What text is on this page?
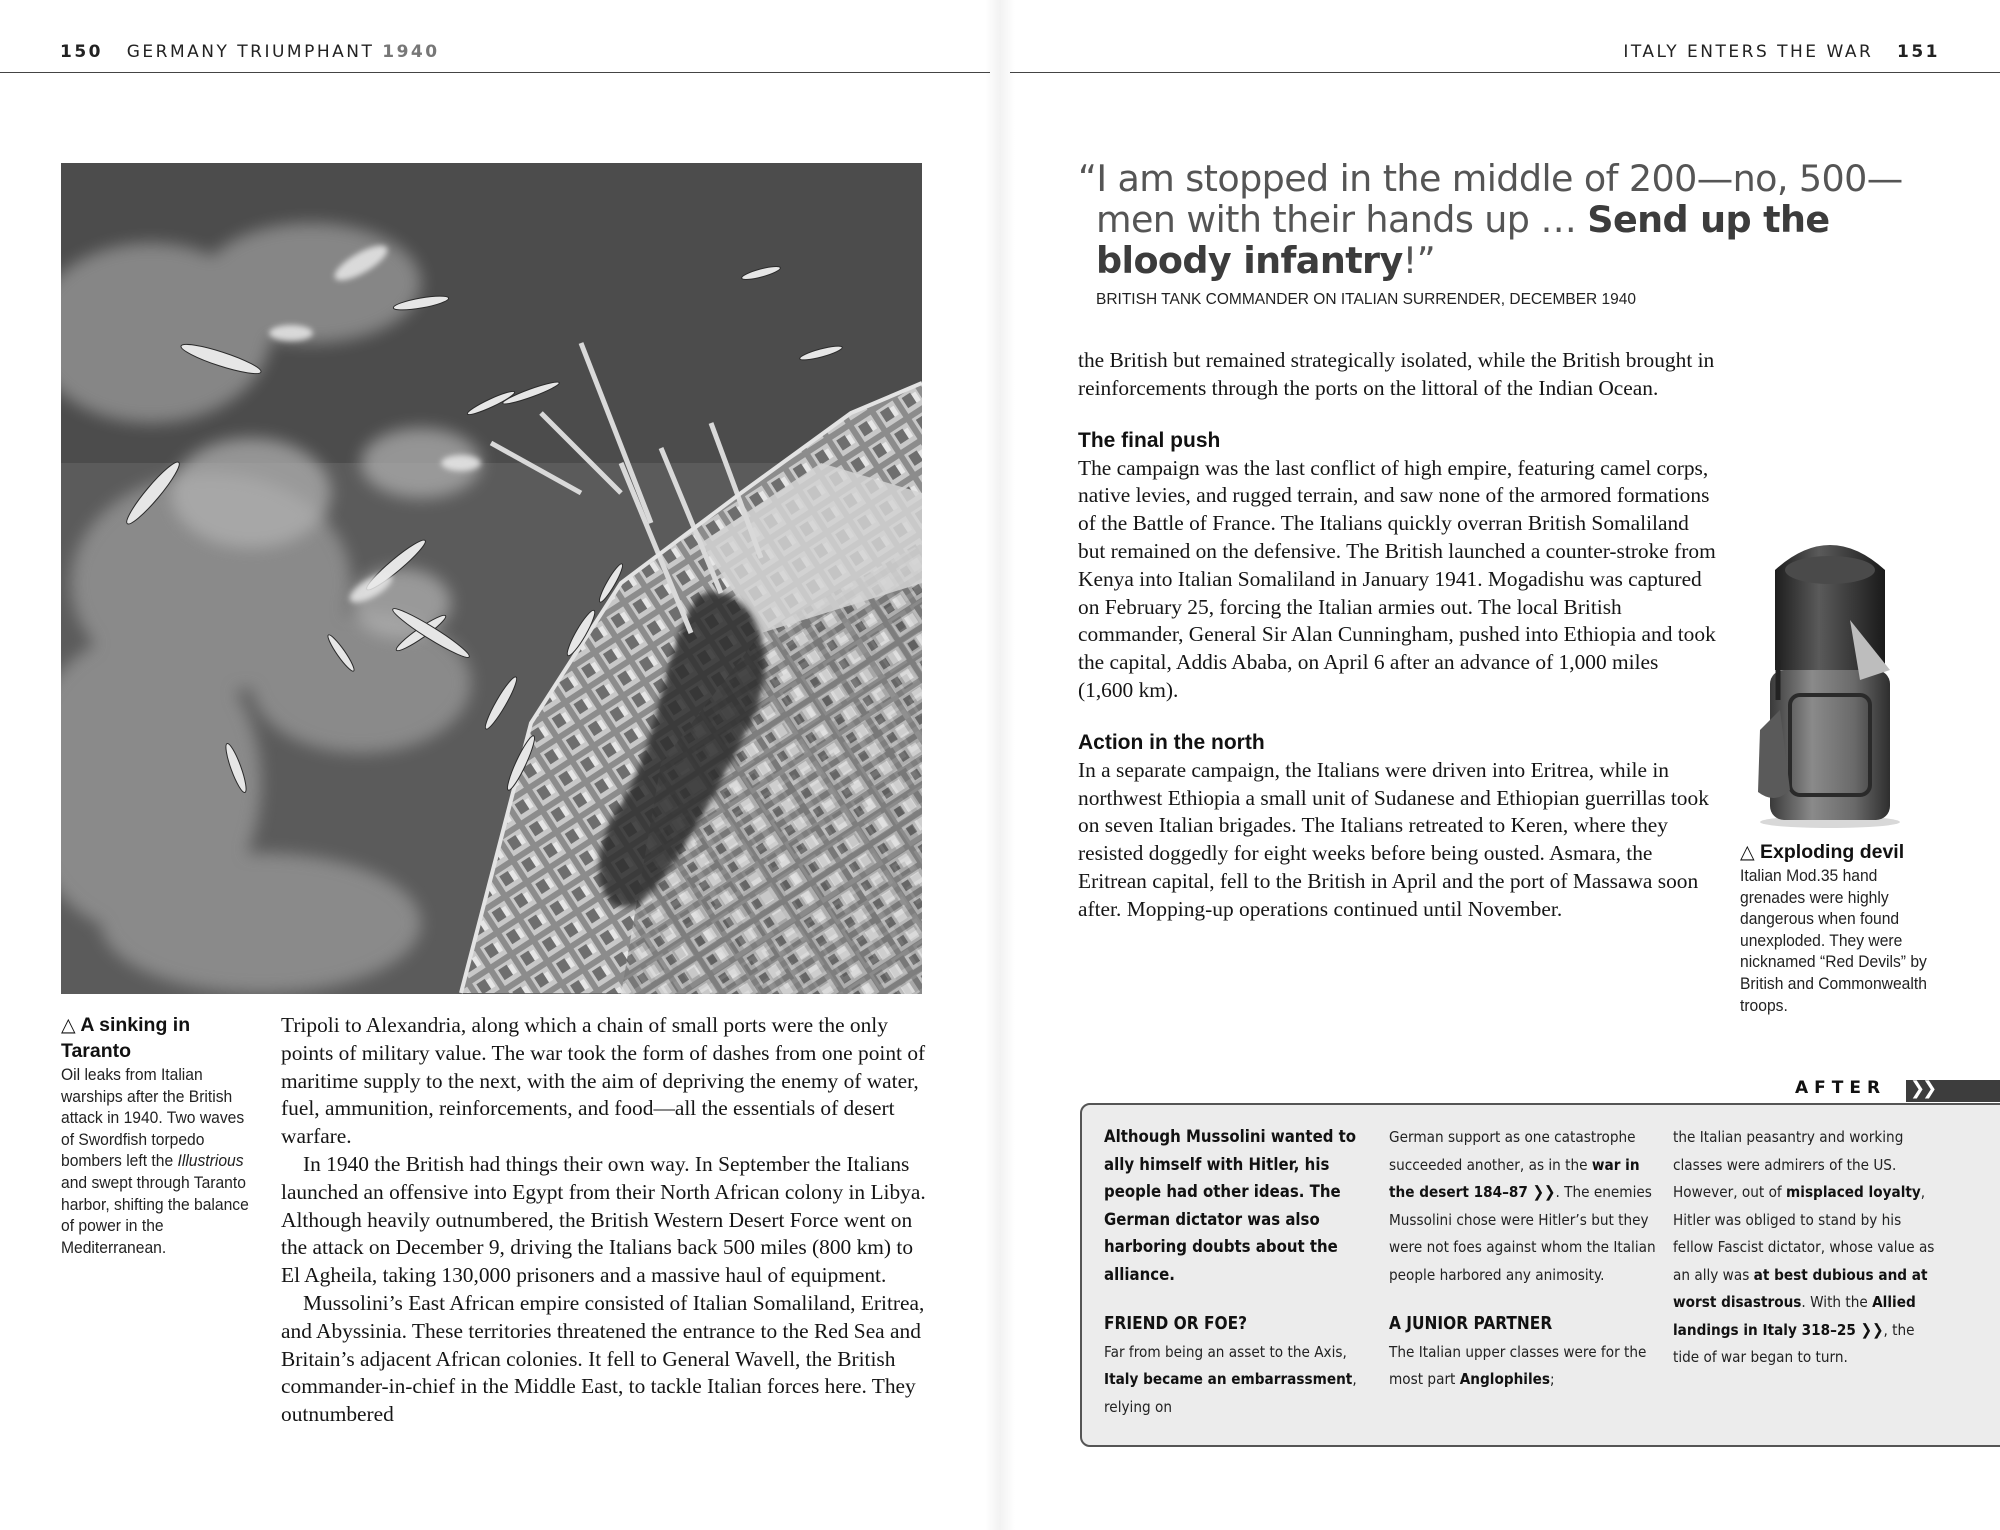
150 GERMANY TRIUMPHANT 1940	ITALY ENTERS THE WAR 151
△ A sinking in Taranto
Oil leaks from Italian warships after the British attack in 1940. Two waves of Swordfish torpedo bombers left the Illustrious and swept through Taranto harbor, shifting the balance of power in the Mediterranean.

Tripoli to Alexandria, along which a chain of small ports were the only points of military value. The war took the form of dashes from one point of maritime supply to the next, with the aim of depriving the enemy of water, fuel, ammunition, reinforcements, and food—all the essentials of desert warfare.

In 1940 the British had things their own way. In September the Italians launched an offensive into Egypt from their North African colony in Libya. Although heavily outnumbered, the British Western Desert Force went on the attack on December 9, driving the Italians back 500 miles (800 km) to El Agheila, taking 130,000 prisoners and a massive haul of equipment.

Mussolini’s East African empire consisted of Italian Somaliland, Eritrea, and Abyssinia. These territories threatened the entrance to the Red Sea and Britain’s adjacent African colonies. It fell to General Wavell, the British commander-in-chief in the Middle East, to tackle Italian forces here. They outnumbered

“I am stopped in the middle of 200—no, 500—men with their hands up … Send up the bloody infantry!”
BRITISH TANK COMMANDER ON ITALIAN SURRENDER, DECEMBER 1940

the British but remained strategically isolated, while the British brought in reinforcements through the ports on the littoral of the Indian Ocean.

The final push

The campaign was the last conflict of high empire, featuring camel corps, native levies, and rugged terrain, and saw none of the armored formations of the Battle of France. The Italians quickly overran British Somaliland but remained on the defensive. The British launched a counter-stroke from Kenya into Italian Somaliland in January 1941. Mogadishu was captured on February 25, forcing the Italian armies out. The local British commander, General Sir Alan Cunningham, pushed into Ethiopia and took the capital, Addis Ababa, on April 6 after an advance of 1,000 miles (1,600 km).

Action in the north

In a separate campaign, the Italians were driven into Eritrea, while in northwest Ethiopia a small unit of Sudanese and Ethiopian guerrillas took on seven Italian brigades. The Italians retreated to Keren, where they resisted doggedly for eight weeks before being ousted. Asmara, the Eritrean capital, fell to the British in April and the port of Massawa soon after. Mopping-up operations continued until November.

△ Exploding devil
Italian Mod.35 hand grenades were highly dangerous when found unexploded. They were nicknamed “Red Devils” by British and Commonwealth troops.
AFTER ❯❯
Although Mussolini wanted to ally himself with Hitler, his people had other ideas. The German dictator was also harboring doubts about the alliance.
FRIEND OR FOE?
Far from being an asset to the Axis, Italy became an embarrassment, relying on
German support as one catastrophe succeeded another, as in the war in the desert 184–87 ❯❯. The enemies Mussolini chose were Hitler’s but they were not foes against whom the Italian people harbored any animosity.
A JUNIOR PARTNER
The Italian upper classes were for the most part Anglophiles;
the Italian peasantry and working classes were admirers of the US. However, out of misplaced loyalty, Hitler was obliged to stand by his fellow Fascist dictator, whose value as an ally was at best dubious and at worst disastrous. With the Allied landings in Italy 318–25 ❯❯, the tide of war began to turn.
